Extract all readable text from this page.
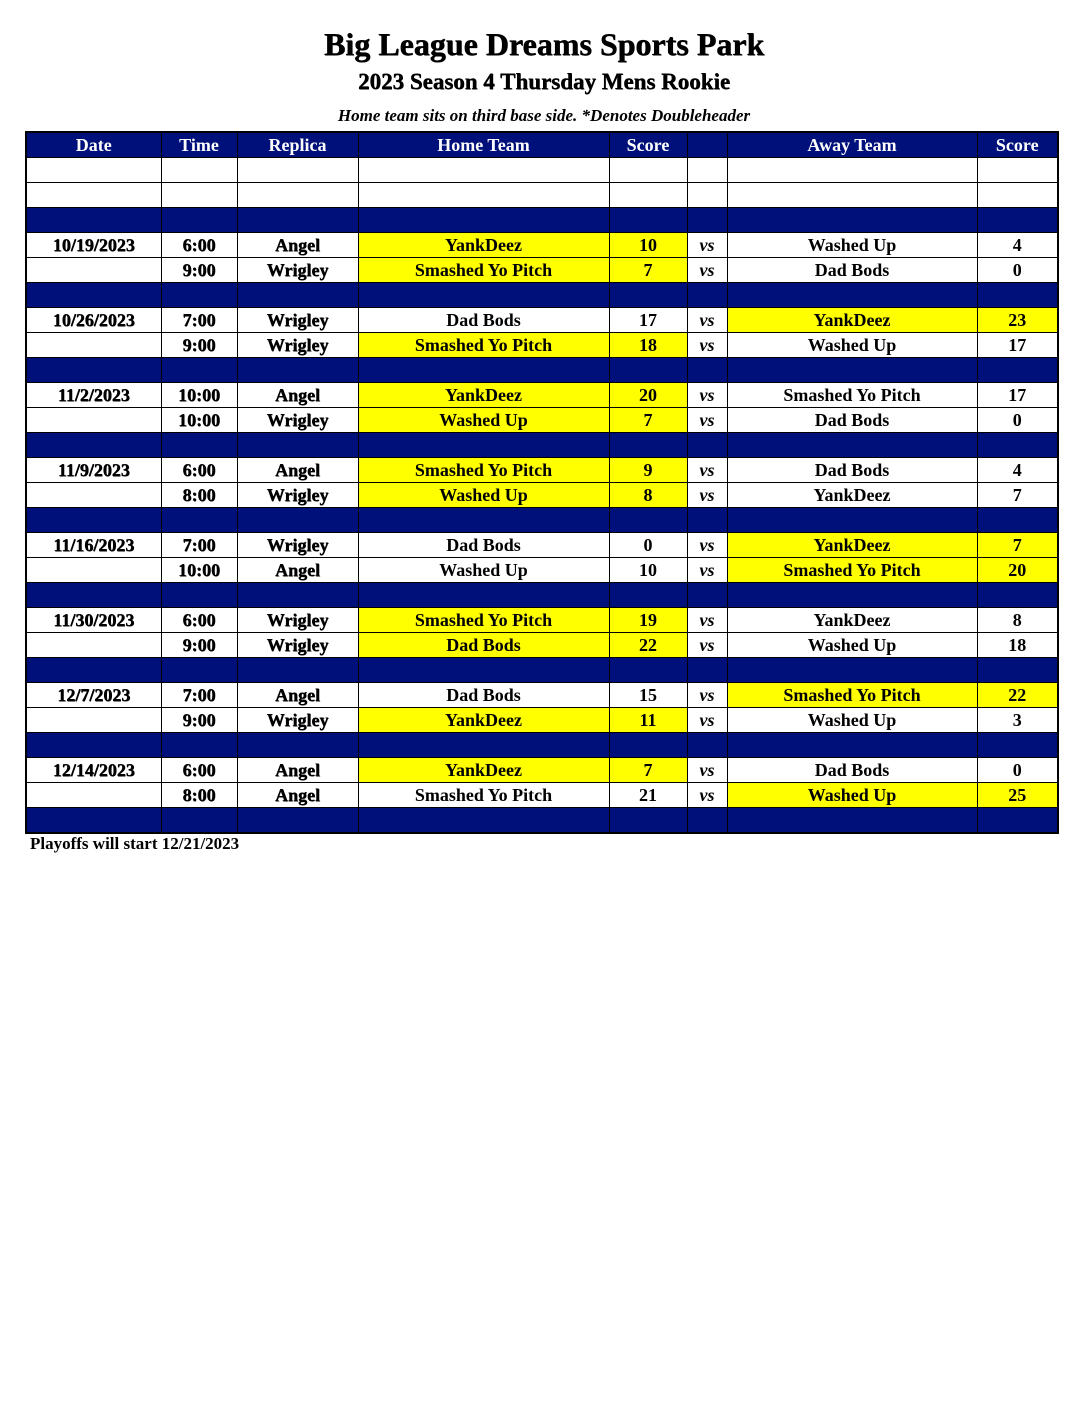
Big League Dreams Sports Park
2023 Season 4 Thursday Mens Rookie
Home team sits on third base side. *Denotes Doubleheader
Date	Time	Replica	Home Team	Score		Away Team	Score

10/19/2023	6:00	Angel	YankDeez	10	vs	Washed Up	4
	9:00	Wrigley	Smashed Yo Pitch	7	vs	Dad Bods	0

10/26/2023	7:00	Wrigley	Dad Bods	17	vs	YankDeez	23
	9:00	Wrigley	Smashed Yo Pitch	18	vs	Washed Up	17

11/2/2023	10:00	Angel	YankDeez	20	vs	Smashed Yo Pitch	17
	10:00	Wrigley	Washed Up	7	vs	Dad Bods	0

11/9/2023	6:00	Angel	Smashed Yo Pitch	9	vs	Dad Bods	4
	8:00	Wrigley	Washed Up	8	vs	YankDeez	7

11/16/2023	7:00	Wrigley	Dad Bods	0	vs	YankDeez	7
	10:00	Angel	Washed Up	10	vs	Smashed Yo Pitch	20

11/30/2023	6:00	Wrigley	Smashed Yo Pitch	19	vs	YankDeez	8
	9:00	Wrigley	Dad Bods	22	vs	Washed Up	18

12/7/2023	7:00	Angel	Dad Bods	15	vs	Smashed Yo Pitch	22
	9:00	Wrigley	YankDeez	11	vs	Washed Up	3

12/14/2023	6:00	Angel	YankDeez	7	vs	Dad Bods	0
	8:00	Angel	Smashed Yo Pitch	21	vs	Washed Up	25

Playoffs will start 12/21/2023
